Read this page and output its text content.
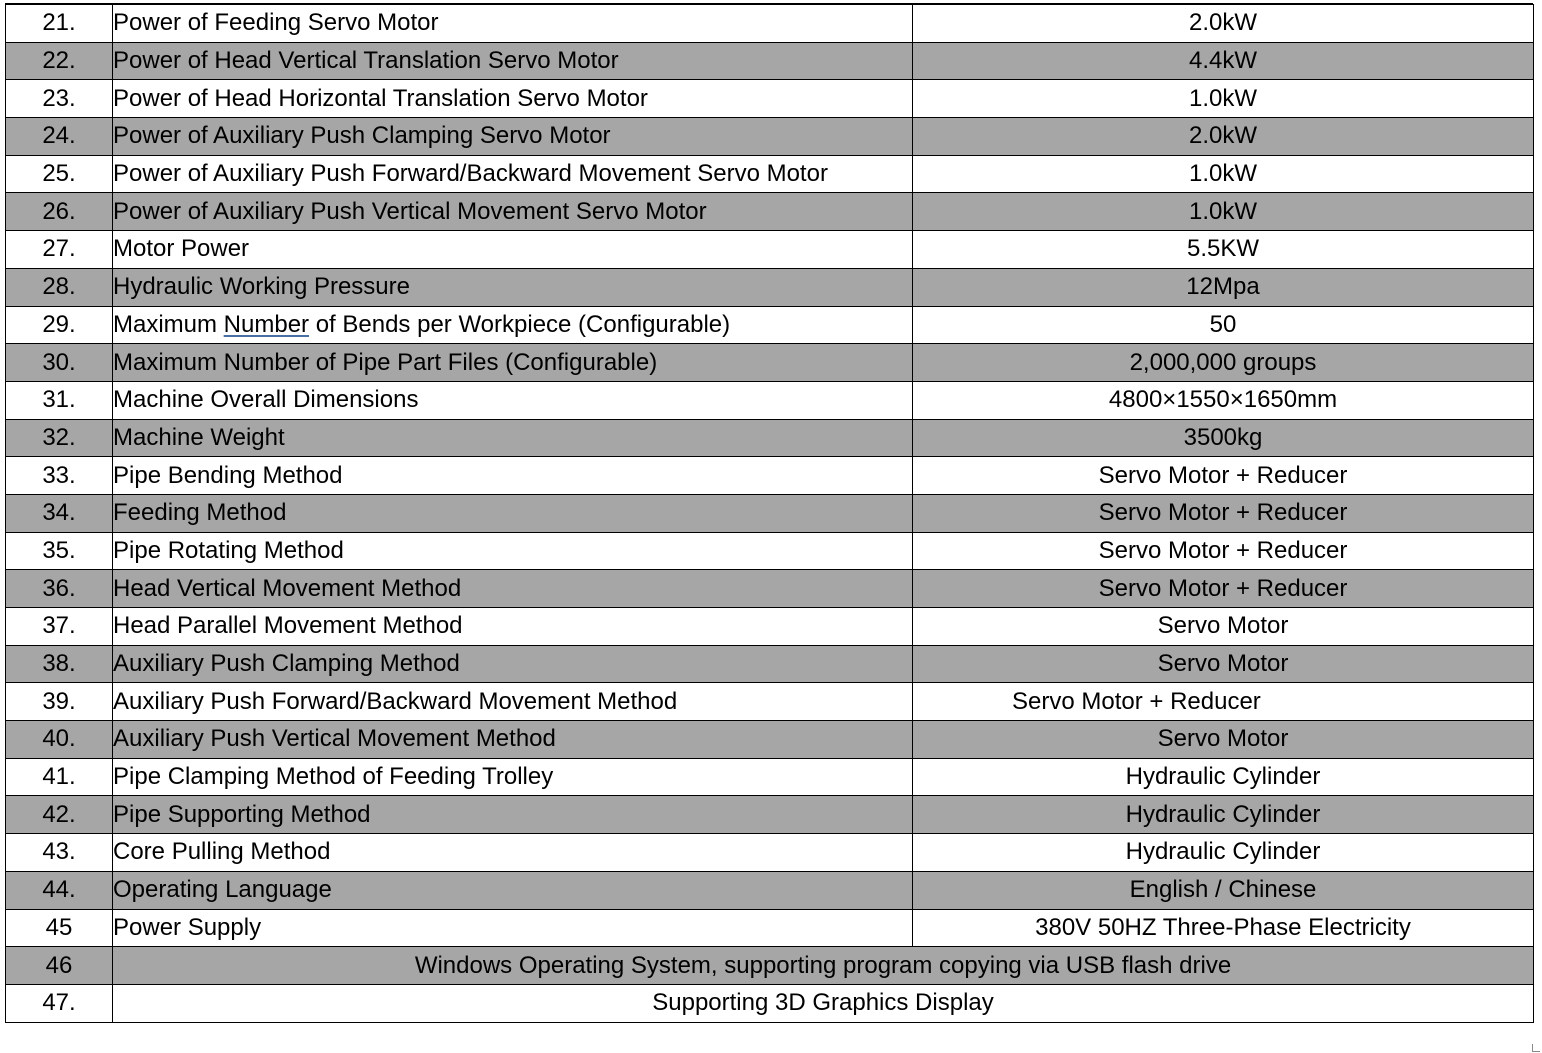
21.	Power of Feeding Servo Motor	2.0kW
22.	Power of Head Vertical Translation Servo Motor	4.4kW
23.	Power of Head Horizontal Translation Servo Motor	1.0kW
24.	Power of Auxiliary Push Clamping Servo Motor	2.0kW
25.	Power of Auxiliary Push Forward/Backward Movement Servo Motor	1.0kW
26.	Power of Auxiliary Push Vertical Movement Servo Motor	1.0kW
27.	Motor Power	5.5KW
28.	Hydraulic Working Pressure	12Mpa
29.	Maximum Number of Bends per Workpiece (Configurable)	50
30.	Maximum Number of Pipe Part Files (Configurable)	2,000,000 groups
31.	Machine Overall Dimensions	4800×1550×1650mm
32.	Machine Weight	3500kg
33.	Pipe Bending Method	Servo Motor + Reducer
34.	Feeding Method	Servo Motor + Reducer
35.	Pipe Rotating Method	Servo Motor + Reducer
36.	Head Vertical Movement Method	Servo Motor + Reducer
37.	Head Parallel Movement Method	Servo Motor
38.	Auxiliary Push Clamping Method	Servo Motor
39.	Auxiliary Push Forward/Backward Movement Method	Servo Motor + Reducer
40.	Auxiliary Push Vertical Movement Method	Servo Motor
41.	Pipe Clamping Method of Feeding Trolley	Hydraulic Cylinder
42.	Pipe Supporting Method	Hydraulic Cylinder
43.	Core Pulling Method	Hydraulic Cylinder
44.	Operating Language	English / Chinese
45	Power Supply	380V 50HZ Three-Phase Electricity
46	Windows Operating System, supporting program copying via USB flash drive	
47.	Supporting 3D Graphics Display	
